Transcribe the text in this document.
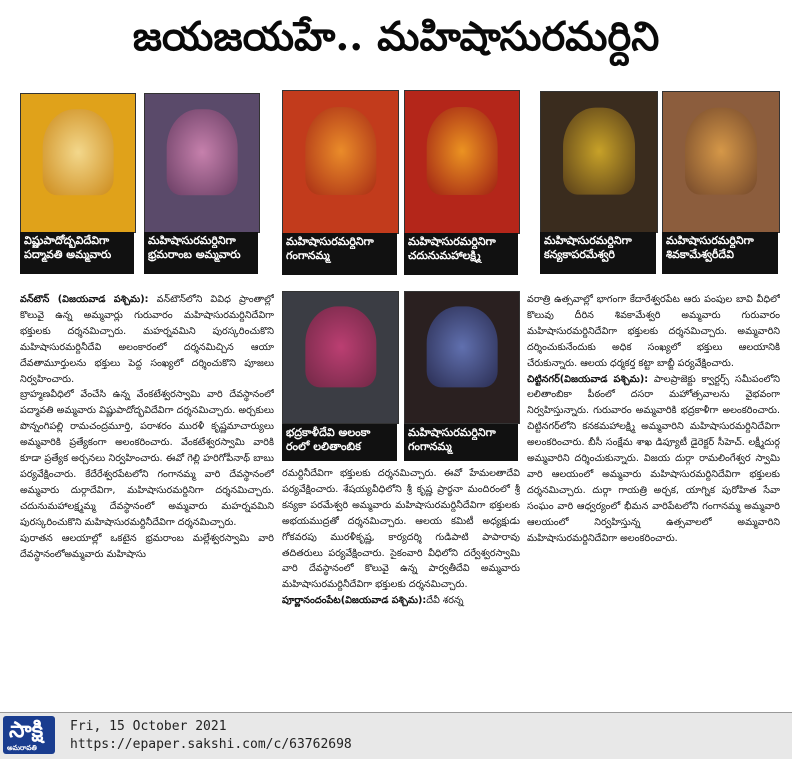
జయజయహే.. మహిషాసురమర్దిని
విష్ణుపాదోద్భవిదేవిగా
పద్మావతి అమ్మవారు
మహిషాసురమర్దినిగా
భ్రమరాంబ అమ్మవారు
మహిషాసురమర్దినిగా
గంగానమ్మ
మహిషాసురమర్దినిగా
చదునుమహాలక్ష్మి
మహిషాసురమర్దినిగా
కన్యకాపరమేశ్వరి
మహిషాసురమర్దినిగా
శివకామేశ్వరీదేవి
భద్రకాళీదేవి అలంకా
రంలో లలితాంబిక
మహిషాసురమర్దినిగా
గంగానమ్మ

వన్‌టౌన్ (విజయవాడ పశ్చిమ): వన్‌టౌన్‌లోని వివిధ ప్రాంతాల్లో కొలువై ఉన్న అమ్మవార్లు గురువారం మహిషాసురమర్దినిదేవిగా భక్తులకు దర్శనమిచ్చారు. మహర్నవమిని పురస్కరించుకొని మహిషాసురమర్దినీదేవి అలంకారంలో దర్శనమిచ్చిన ఆయా దేవతామూర్తులను భక్తులు పెద్ద సంఖ్యలో దర్శించుకొని పూజలు నిర్వహించారు.

బ్రాహ్మణవీధిలో వేంచేసి ఉన్న వేంకటేశ్వరస్వామి వారి దేవస్థానంలో పద్మావతి అమ్మవారు విష్ణుపాదోద్భవిదేవిగా దర్శనమిచ్చారు. అర్చకులు పొన్నంగిపల్లి రామచంద్రమూర్తి, పరాశరం మురళీ కృష్ణమాచార్యులు అమ్మవారికి ప్రత్యేకంగా అలంకరించారు. వేంకటేశ్వరస్వామి వారికి కూడా ప్రత్యేక అర్చనలు నిర్వహించారు. ఈవో గెల్లి హరిగోపీనాథ్ బాబు పర్యవేక్షించారు. కేదేరేశ్వరపేటలోని గంగానమ్మ వారి దేవస్థానంలో అమ్మవారు దుర్గాదేవిగా, మహిషాసురమర్దినిగా దర్శనమిచ్చారు. చదునుమహాలక్ష్మమ్మ దేవస్థానంలో అమ్మవారు మహర్నవమిని పురస్కరించుకొని మహిషాసురమర్దినీదేవిగా దర్శనమిచ్చారు.

పురాతన ఆలయాల్లో ఒకటైన భ్రమరాంబ మల్లేశ్వరస్వామి వారి దేవస్థానంలోఅమ్మవారు మహిషాసు

రమర్దినీదేవిగా భక్తులకు దర్శనమిచ్చారు. ఈవో హేమలతాదేవి పర్యవేక్షించారు. శేషయ్యవీధిలోని శ్రీ కృష్ణ ప్రార్థనా మందిరంలో శ్రీ కన్యకా పరమేశ్వరి అమ్మవారు మహిషాసురమర్దినీదేవిగా భక్తులకు అభయముద్రతో దర్శనమిచ్చారు. ఆలయ కమిటీ అధ్యక్షుడు గోకవరపు మురళీకృష్ణ, కార్యదర్శి గుడిపాటి పాపారావు తదితరులు పర్యవేక్షించారు. సైకంవారి వీధిలోని దర్వేశ్వరస్వామి వారి దేవస్థానంలో కొలువై ఉన్న పార్వతీదేవి అమ్మవారు మహిషాసురమర్దినీదేవిగా భక్తులకు దర్శనమిచ్చారు.

పూర్ణానందంపేట(విజయవాడ పశ్చిమ):దేవీ శరన్న

వరాత్రి ఉత్సవాల్లో భాగంగా కేదారేశ్వరపేట ఆరు పంపుల బావి వీధిలో కొలువు దీరిన శివకామేశ్వరి అమ్మవారు గురువారం మహిషాసురమర్దినిదేవిగా భక్తులకు దర్శనమిచ్చారు. అమ్మవారిని దర్శించుకునేందుకు అధిక సంఖ్యలో భక్తులు ఆలయానికి చేరుకున్నారు. ఆలయ ధర్మకర్త కట్టా బాబ్జీ పర్యవేక్షించారు.

చిట్టినగర్(విజయవాడ పశ్చిమ): పాలప్రాజెక్టు క్వార్టర్స్ సమీపంలోని లలితాంబికా పీఠంలో దసరా మహోత్సవాలను వైభవంగా నిర్వహిస్తున్నారు. గురువారం అమ్మవారికి భద్రకాళీగా అలంకరించారు. చిట్టినగర్‌లోని కనకమహాలక్ష్మి అమ్మవారిని మహిషాసురమర్దినిదేవిగా అలంకరించారు. బీసీ సంక్షేమ శాఖ డిప్యూటీ డైరెక్టర్ సీహెచ్. లక్ష్మీదుర్గ అమ్మవారిని దర్శించుకున్నారు. విజయ దుర్గా రామలింగేశ్వర స్వామి వారి ఆలయంలో అమ్మవారు మహిషాసురమర్దినిదేవిగా భక్తులకు దర్శనమిచ్చారు. దుర్గా గాయత్రి అర్చక, యాగ్నిక పురోహిత సేవా సంఘం వారి ఆధ్వర్యంలో భీమన వారిపేటలోని గంగానమ్మ అమ్మవారి ఆలయంలో నిర్వహిస్తున్న ఉత్సవాలలో అమ్మవారిని మహిషాసురమర్దినిదేవిగా అలంకరించారు.

సాక్షి
అమరావతి
Fri, 15 October 2021
https://epaper.sakshi.com/c/63762698
